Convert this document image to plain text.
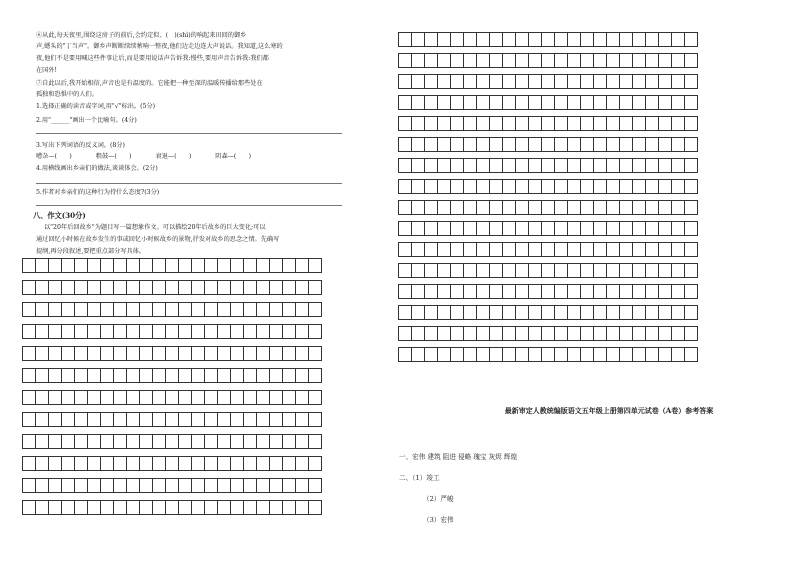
⑥从此,每天夜里,围绕这房子的前后,会约定似、(　)(shì)的响起来田回的御乡
声,蟋头的"丁当声"。御乡声断断续续萦响一整夜,他们边走边连大声说话。我知道,这么寒的
夜,他们不是要用喊这些件事让后,而是要用说话声告诉我:慢些,要用声音告诉我:我们都
在国外!
⑦自此以后,我开始相信,声音也是有温度的。它能把一种至深的温暖传播给那些处在
孤独和恐惧中的人们。
1.选择正确的读音或字词,用"√"标出。(5分)
2.用"______"画出一个比喻句。(4分)
3.写出下列词语的反义词。(8分)
嘈杂—(　　)	粗鼓—(　　)	衰退—(　　)	阴森—(　　)
4.用横线画出乡亲们的做法,谈谈体会。(2分)
5.作者对乡亲们的这种行为持什么态度?(3分)
八、作文(30分)
以"20年后回故乡"为题目写一篇想象作文。可以描绘20年后故乡的巨大变化;可以
通过回忆小时候在故乡发生的事或回忆小时候故乡的景物,抒发对故乡的思念之情。先确写
提纲,再分段叙述,要把重点部分写具体。

最新审定人教统编版语文五年级上册第四单元试卷（A卷）参考答案
一、宏伟 建筑 阻进 侵略 瑰宝 灰烬 辉煌
二、（1）竣工
（2）严峻
（3）宏伟
